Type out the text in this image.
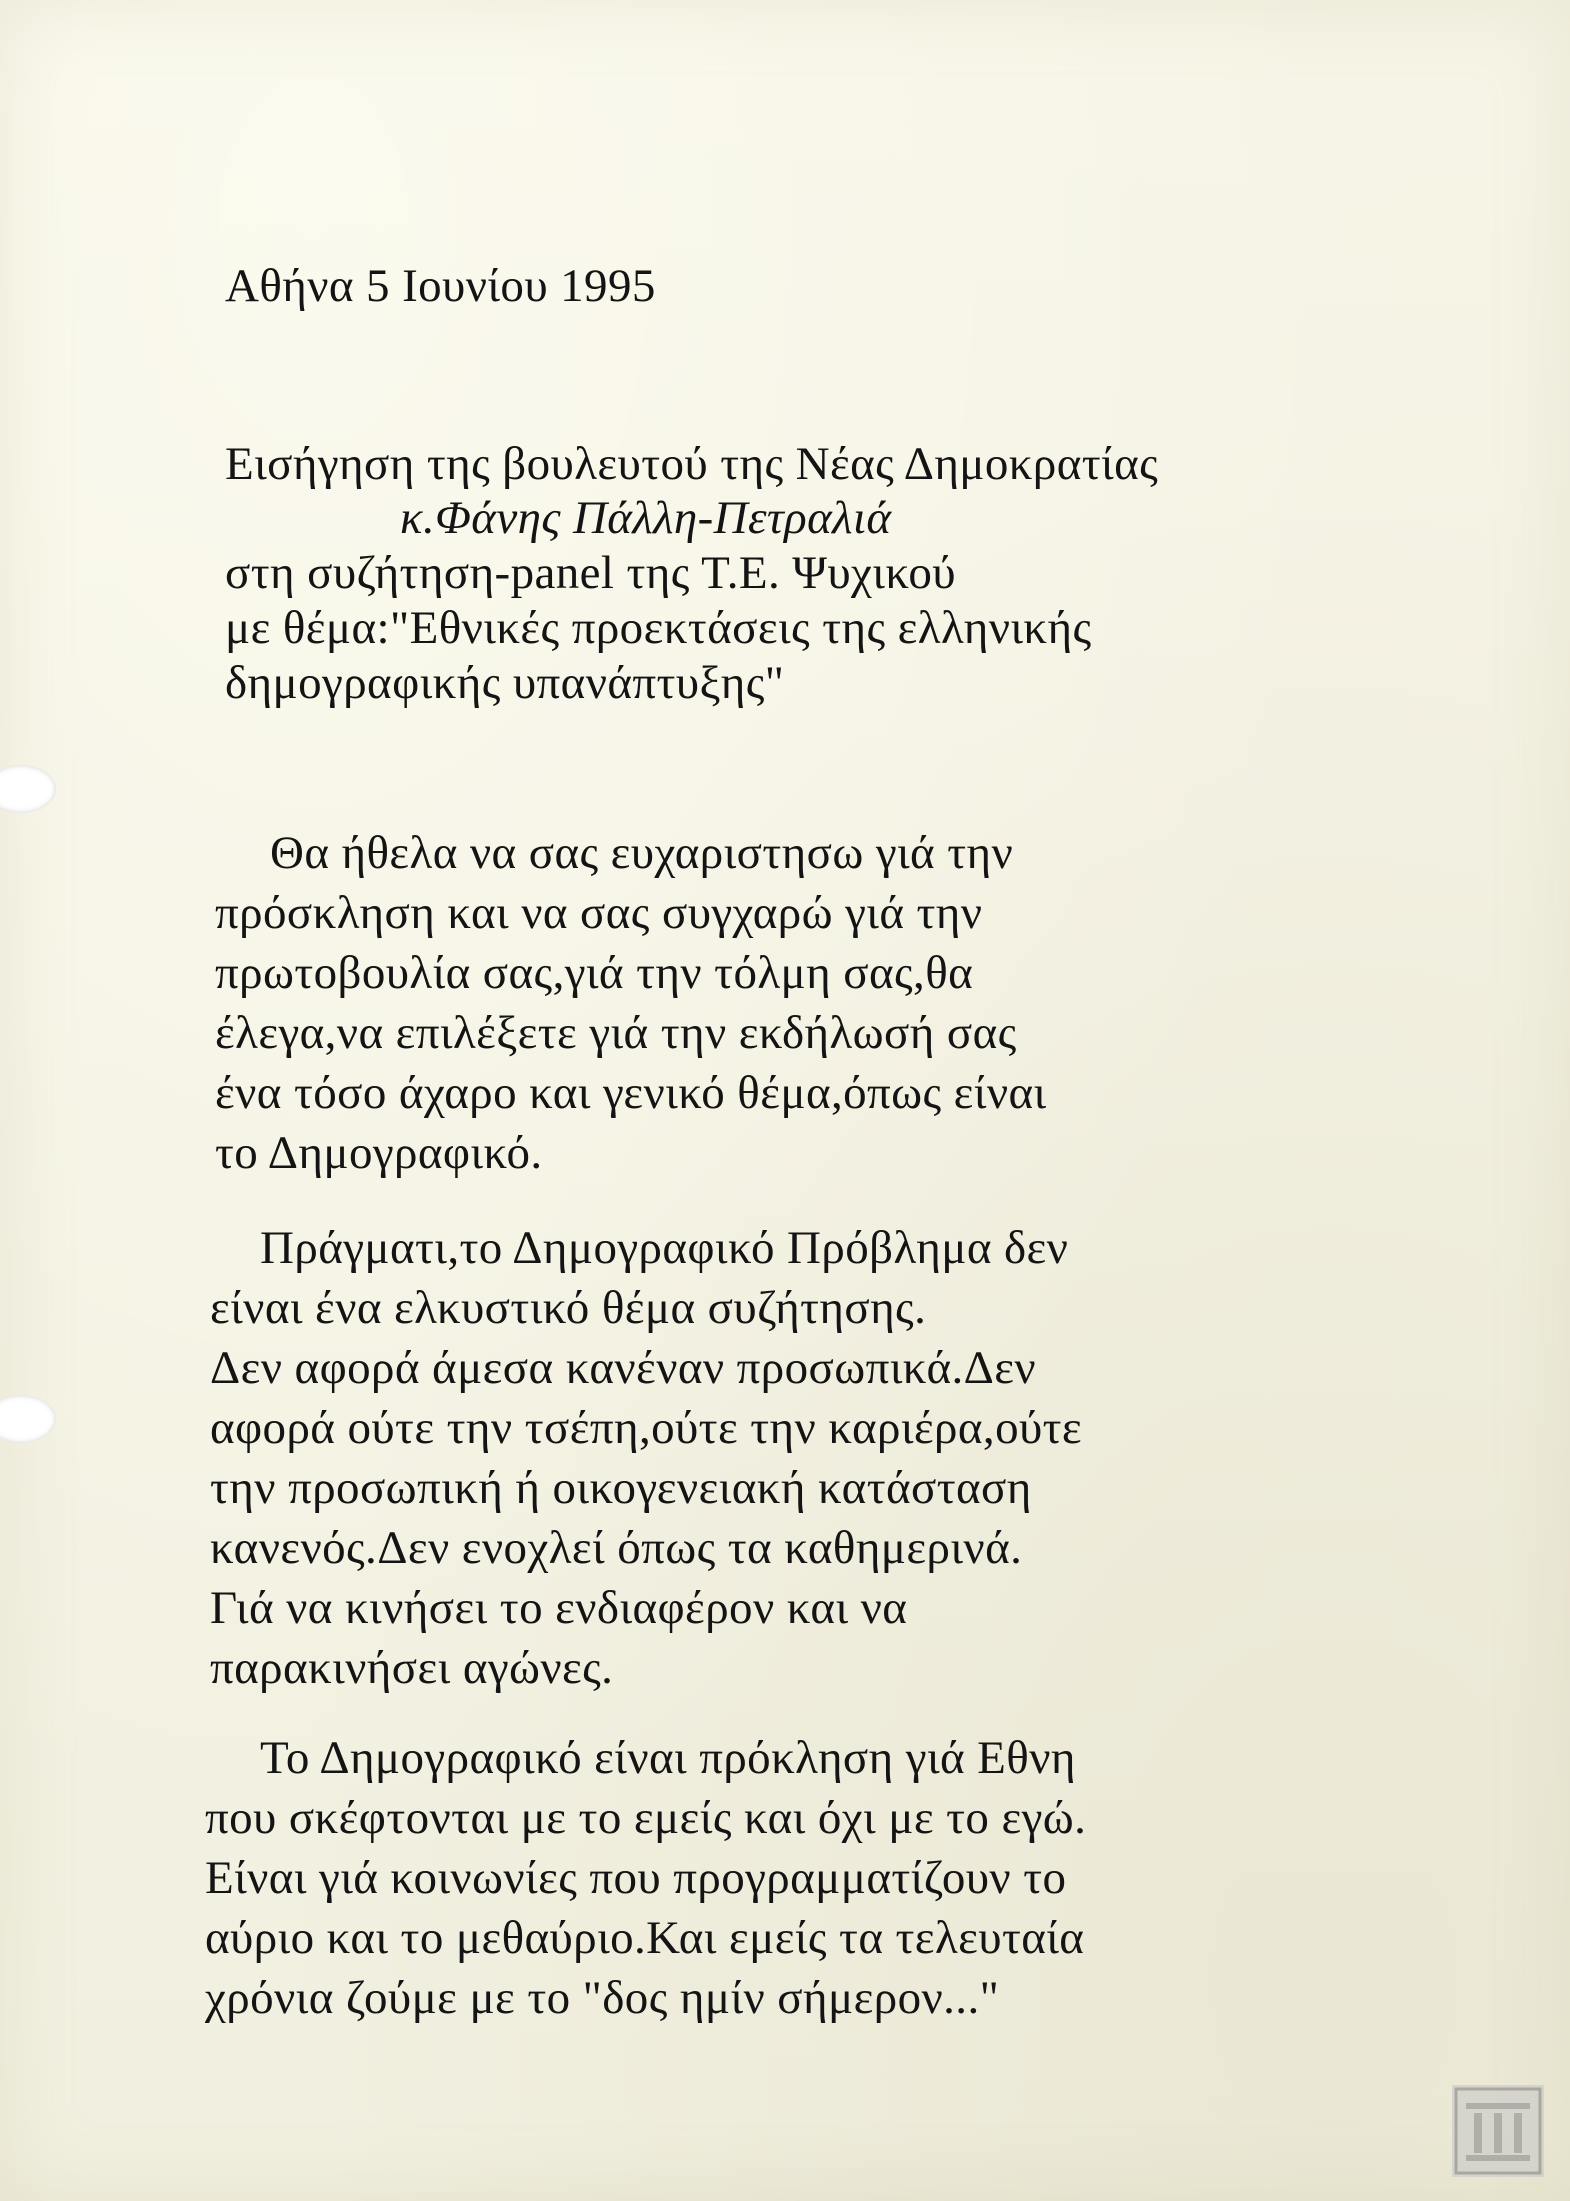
Αθήνα 5 Ιουνίου 1995
Εισήγηση της βουλευτού της Νέας Δημοκρατίας
κ.Φάνης Πάλλη-Πετραλιά
στη συζήτηση-panel της Τ.Ε. Ψυχικού
με θέμα:"Εθνικές προεκτάσεις της ελληνικής
δημογραφικής υπανάπτυξης"
Θα ήθελα να σας ευχαριστησω γιά την
πρόσκληση και να σας συγχαρώ γιά την
πρωτοβουλία σας,γιά την τόλμη σας,θα
έλεγα,να επιλέξετε γιά την εκδήλωσή σας
ένα τόσο άχαρο και γενικό θέμα,όπως είναι
το Δημογραφικό.
Πράγματι,το Δημογραφικό Πρόβλημα δεν
είναι ένα ελκυστικό θέμα συζήτησης.
Δεν αφορά άμεσα κανέναν προσωπικά.Δεν
αφορά ούτε την τσέπη,ούτε την καριέρα,ούτε
την προσωπική ή οικογενειακή κατάσταση
κανενός.Δεν ενοχλεί όπως τα καθημερινά.
Γιά να κινήσει το ενδιαφέρον και να
παρακινήσει αγώνες.
Το Δημογραφικό είναι πρόκληση γιά Εθνη
που σκέφτονται με το εμείς και όχι με το εγώ.
Είναι γιά κοινωνίες που προγραμματίζουν το
αύριο και το μεθαύριο.Και εμείς τα τελευταία
χρόνια ζούμε με το "δος ημίν σήμερον..."
